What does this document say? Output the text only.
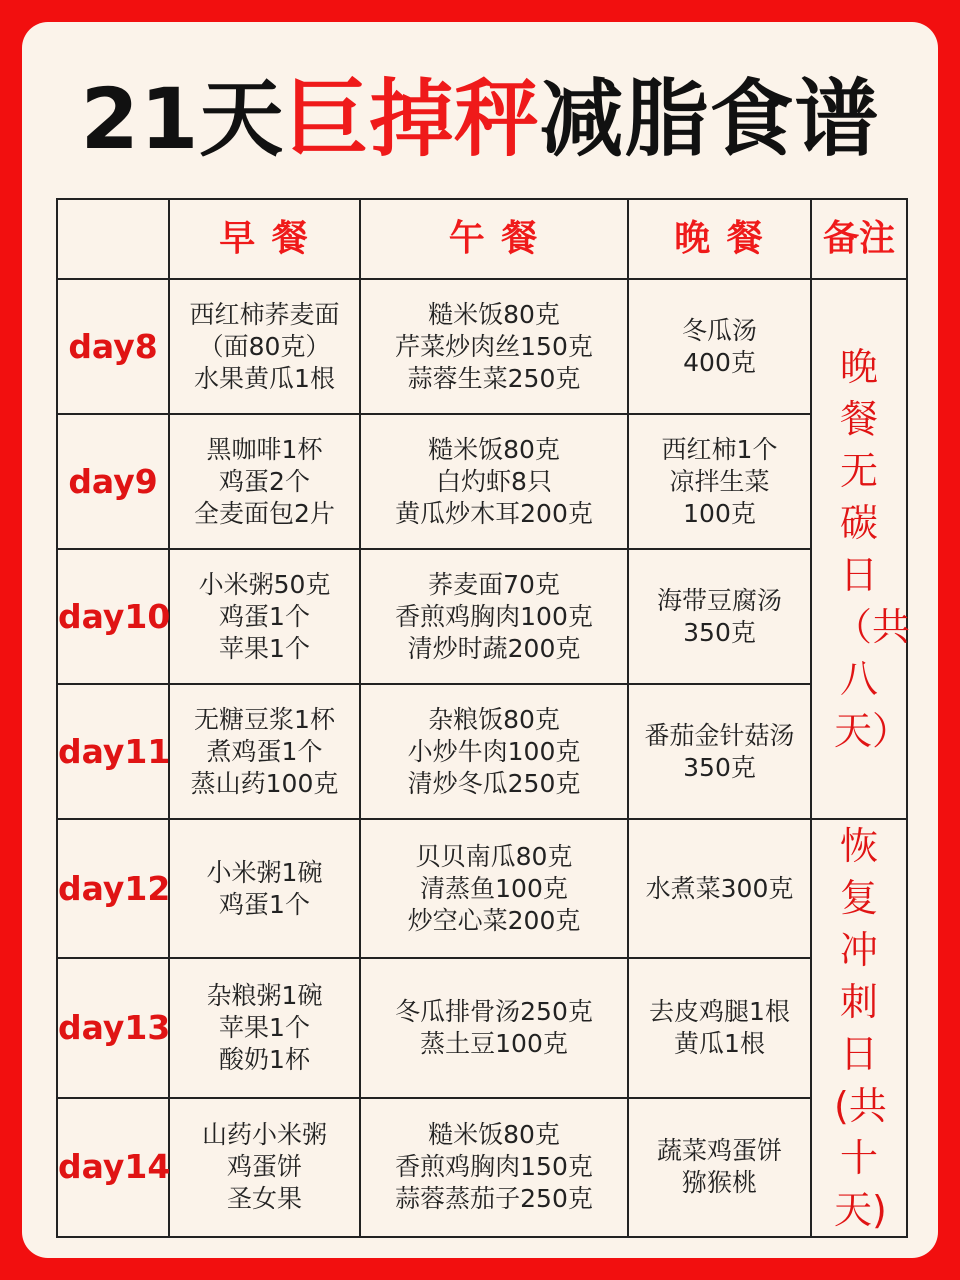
21天巨掉秤减脂食谱
	早 餐	午 餐	晚 餐	备注
day8	西红柿荞麦面
（面80克）
水果黄瓜1根	糙米饭80克
芹菜炒肉丝150克
蒜蓉生菜250克	冬瓜汤
400克	晚餐无碳日（共八天）

day9	黑咖啡1杯
鸡蛋2个
全麦面包2片	糙米饭80克
白灼虾8只
黄瓜炒木耳200克	西红柿1个
凉拌生菜
100克	

day10	小米粥50克
鸡蛋1个
苹果1个	荞麦面70克
香煎鸡胸肉100克
清炒时蔬200克	海带豆腐汤
350克	

day11	无糖豆浆1杯
煮鸡蛋1个
蒸山药100克	杂粮饭80克
小炒牛肉100克
清炒冬瓜250克	番茄金针菇汤
350克	

day12	小米粥1碗
鸡蛋1个	贝贝南瓜80克
清蒸鱼100克
炒空心菜200克	水煮菜300克	恢复冲刺日(共十天)

day13	杂粮粥1碗
苹果1个
酸奶1杯	冬瓜排骨汤250克
蒸土豆100克	去皮鸡腿1根
黄瓜1根	

day14	山药小米粥
鸡蛋饼
圣女果	糙米饭80克
香煎鸡胸肉150克
蒜蓉蒸茄子250克	蔬菜鸡蛋饼
猕猴桃	
